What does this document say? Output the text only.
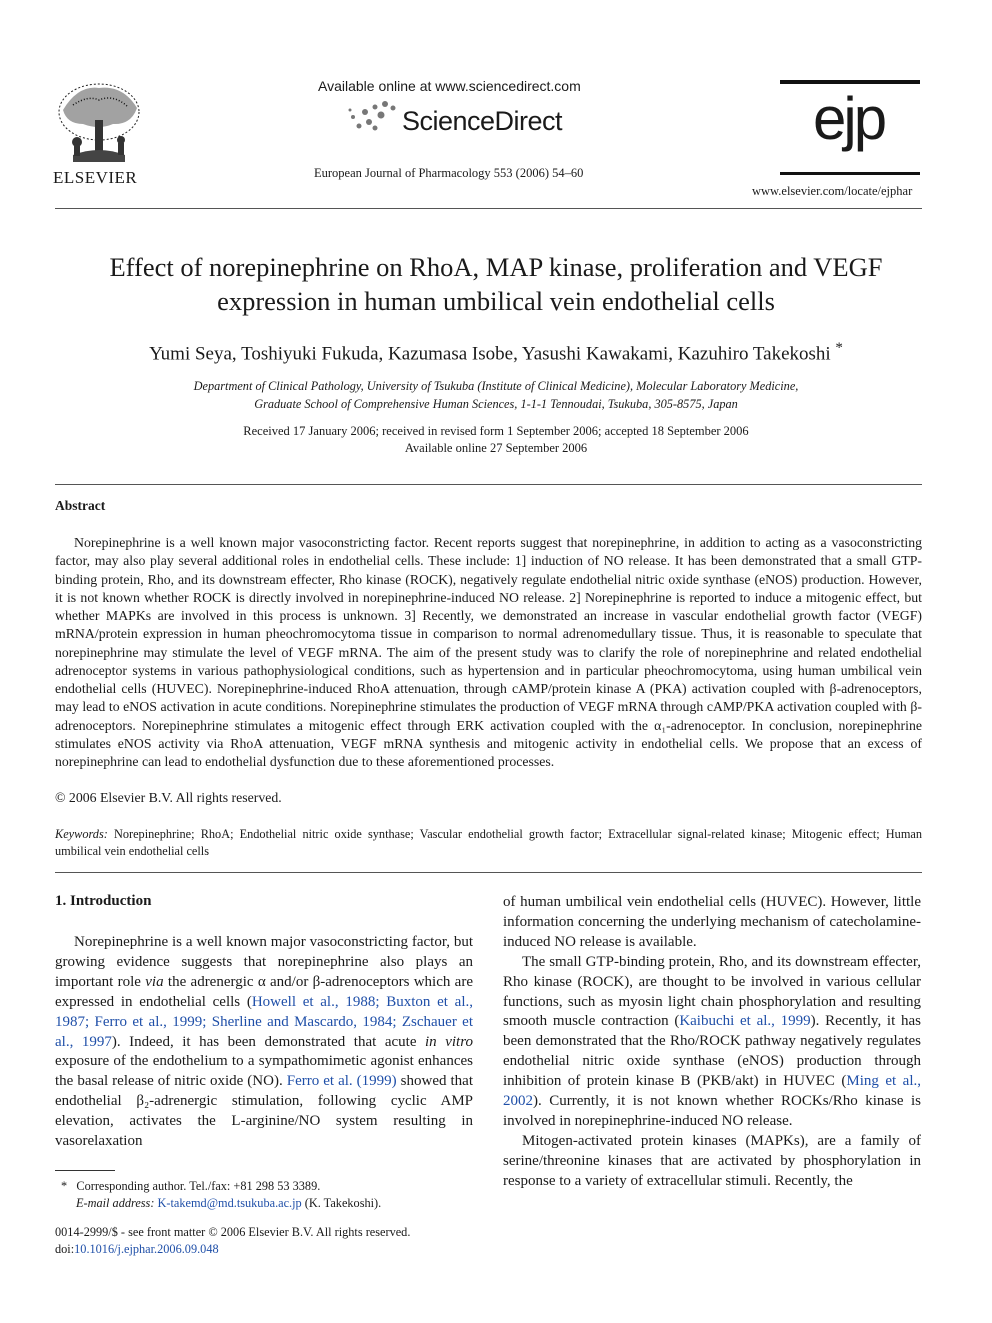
ELSEVIER
Available online at www.sciencedirect.com
ScienceDirect
European Journal of Pharmacology 553 (2006) 54–60
ejp
www.elsevier.com/locate/ejphar
Effect of norepinephrine on RhoA, MAP kinase, proliferation and VEGF
expression in human umbilical vein endothelial cells
Yumi Seya, Toshiyuki Fukuda, Kazumasa Isobe, Yasushi Kawakami, Kazuhiro Takekoshi *
Department of Clinical Pathology, University of Tsukuba (Institute of Clinical Medicine), Molecular Laboratory Medicine,
Graduate School of Comprehensive Human Sciences, 1-1-1 Tennoudai, Tsukuba, 305-8575, Japan
Received 17 January 2006; received in revised form 1 September 2006; accepted 18 September 2006
Available online 27 September 2006
Abstract

Norepinephrine is a well known major vasoconstricting factor. Recent reports suggest that norepinephrine, in addition to acting as a vasoconstricting factor, may also play several additional roles in endothelial cells. These include: 1] induction of NO release. It has been demonstrated that a small GTP-binding protein, Rho, and its downstream effecter, Rho kinase (ROCK), negatively regulate endothelial nitric oxide synthase (eNOS) production. However, it is not known whether ROCK is directly involved in norepinephrine-induced NO release. 2] Norepinephrine is reported to induce a mitogenic effect, but whether MAPKs are involved in this process is unknown. 3] Recently, we demonstrated an increase in vascular endothelial growth factor (VEGF) mRNA/protein expression in human pheochromocytoma tissue in comparison to normal adrenomedullary tissue. Thus, it is reasonable to speculate that norepinephrine may stimulate the level of VEGF mRNA. The aim of the present study was to clarify the role of norepinephrine and related endothelial adrenoceptor systems in various pathophysiological conditions, such as hypertension and in particular pheochromocytoma, using human umbilical vein endothelial cells (HUVEC). Norepinephrine-induced RhoA attenuation, through cAMP/protein kinase A (PKA) activation coupled with β-adrenoceptors, may lead to eNOS activation in acute conditions. Norepinephrine stimulates the production of VEGF mRNA through cAMP/PKA activation coupled with β-adrenoceptors. Norepinephrine stimulates a mitogenic effect through ERK activation coupled with the α₁-adrenoceptor. In conclusion, norepinephrine stimulates eNOS activity via RhoA attenuation, VEGF mRNA synthesis and mitogenic activity in endothelial cells. We propose that an excess of norepinephrine can lead to endothelial dysfunction due to these aforementioned processes.

© 2006 Elsevier B.V. All rights reserved.
Keywords: Norepinephrine; RhoA; Endothelial nitric oxide synthase; Vascular endothelial growth factor; Extracellular signal-related kinase; Mitogenic effect; Human umbilical vein endothelial cells
1. Introduction

Norepinephrine is a well known major vasoconstricting factor, but growing evidence suggests that norepinephrine also plays an important role via the adrenergic α and/or β-adrenoceptors which are expressed in endothelial cells (Howell et al., 1988; Buxton et al., 1987; Ferro et al., 1999; Sherline and Mascardo, 1984; Zschauer et al., 1997). Indeed, it has been demonstrated that acute in vitro exposure of the endothelium to a sympathomimetic agonist enhances the basal release of nitric oxide (NO). Ferro et al. (1999) showed that endothelial β₂-adrenergic stimulation, following cyclic AMP elevation, activates the L-arginine/NO system resulting in vasorelaxation

of human umbilical vein endothelial cells (HUVEC). However, little information concerning the underlying mechanism of catecholamine-induced NO release is available.

The small GTP-binding protein, Rho, and its downstream effecter, Rho kinase (ROCK), are thought to be involved in various cellular functions, such as myosin light chain phosphorylation and resulting smooth muscle contraction (Kaibuchi et al., 1999). Recently, it has been demonstrated that the Rho/ROCK pathway negatively regulates endothelial nitric oxide synthase (eNOS) production through inhibition of protein kinase B (PKB/akt) in HUVEC (Ming et al., 2002). Currently, it is not known whether ROCKs/Rho kinase is involved in norepinephrine-induced NO release.

Mitogen-activated protein kinases (MAPKs), are a family of serine/threonine kinases that are activated by phosphorylation in response to a variety of extracellular stimuli. Recently, the

* Corresponding author. Tel./fax: +81 298 53 3389.
E-mail address: K-takemd@md.tsukuba.ac.jp (K. Takekoshi).
0014-2999/$ - see front matter © 2006 Elsevier B.V. All rights reserved.
doi:10.1016/j.ejphar.2006.09.048
